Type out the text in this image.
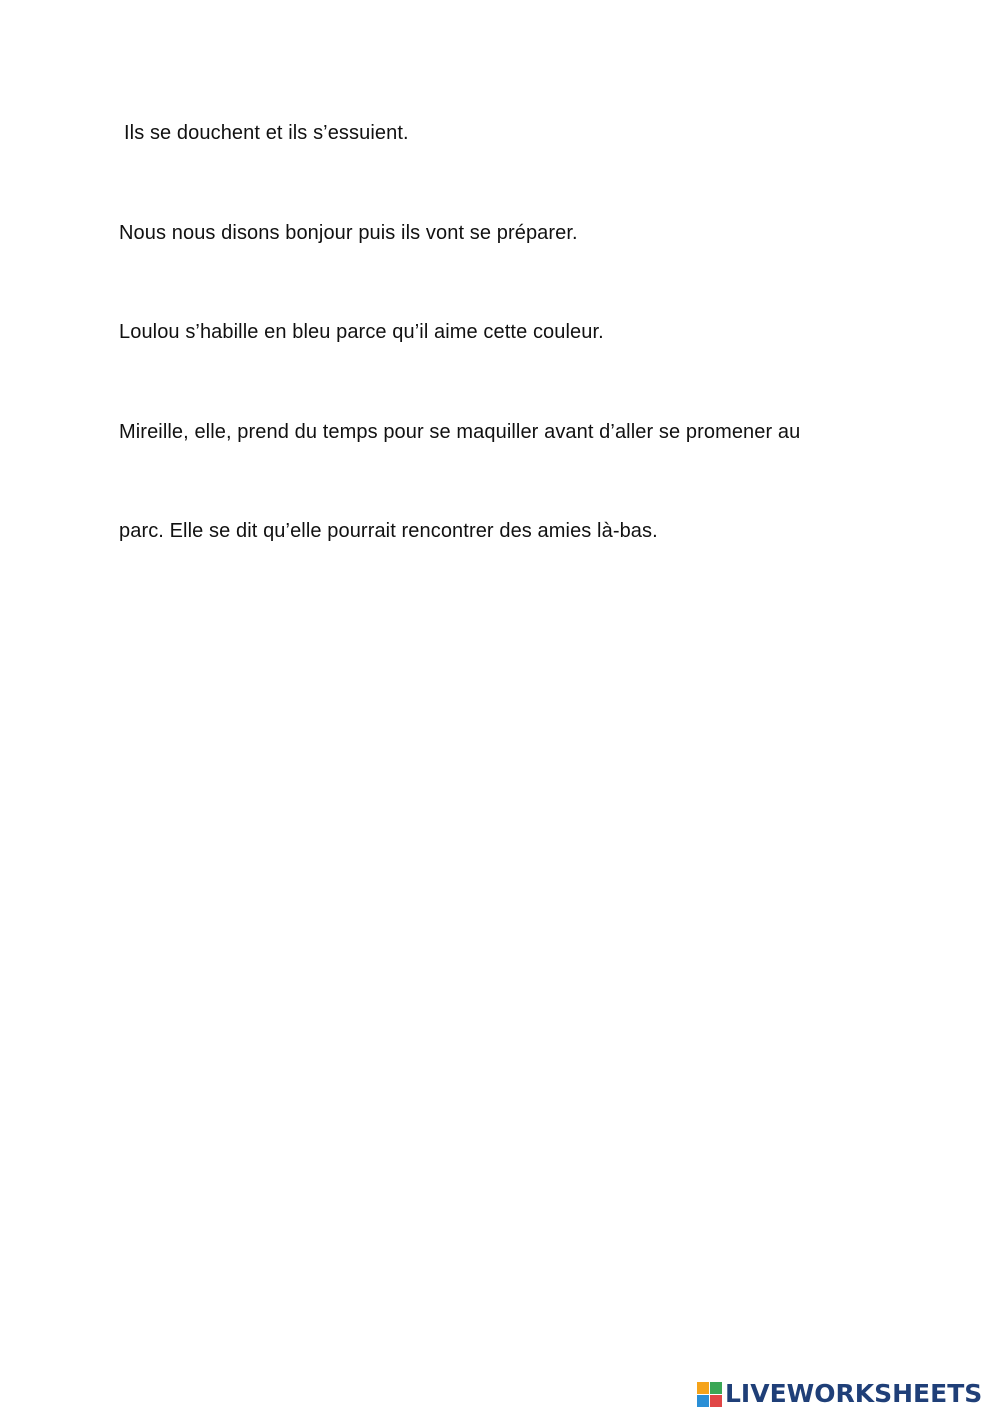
Ils se douchent et ils s’essuient.
Nous nous disons bonjour puis ils vont se préparer.
Loulou s’habille en bleu parce qu’il aime cette couleur.
Mireille, elle, prend du temps pour se maquiller avant d’aller se promener au
parc. Elle se dit qu’elle pourrait rencontrer des amies là-bas.
LIVEWORKSHEETS
